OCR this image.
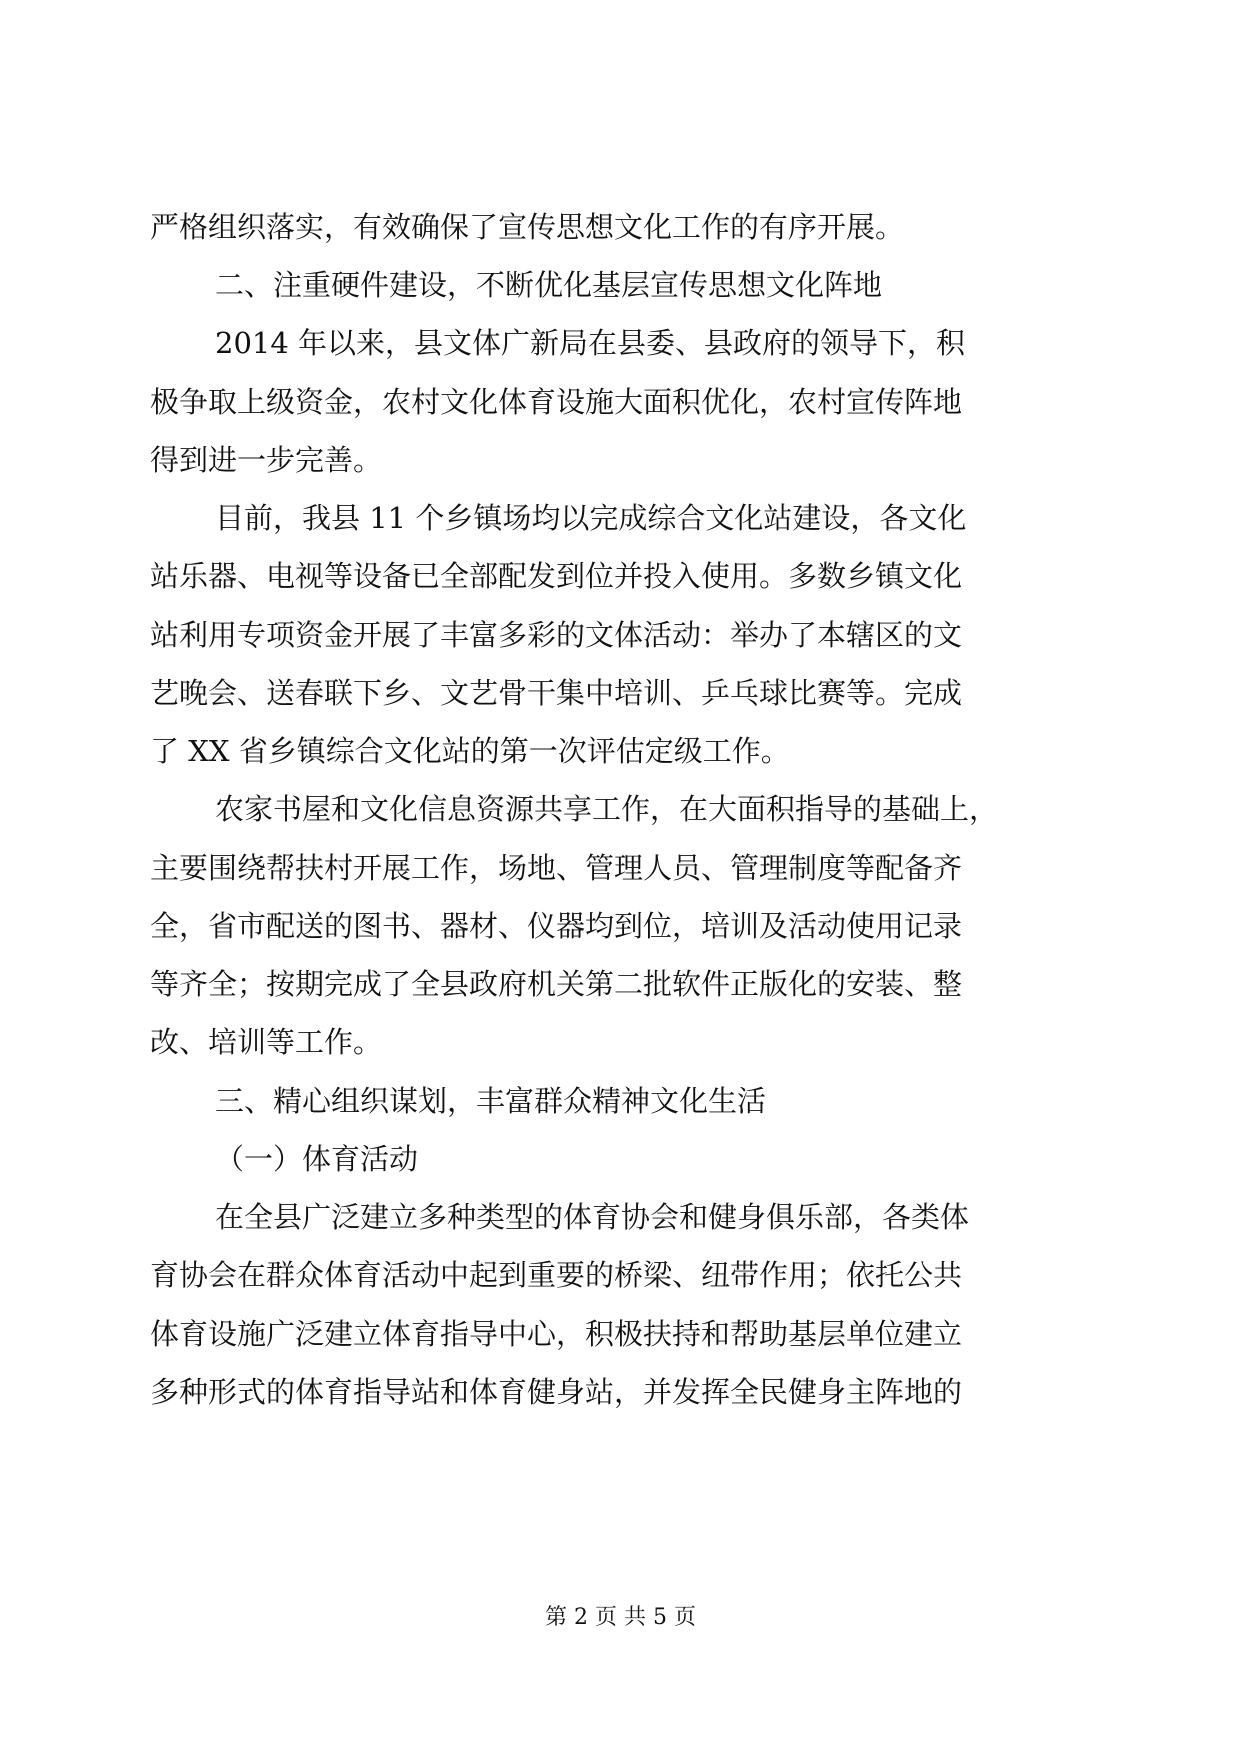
严格组织落实，有效确保了宣传思想文化工作的有序开展。
二、注重硬件建设，不断优化基层宣传思想文化阵地
2014 年以来，县文体广新局在县委、县政府的领导下，积
极争取上级资金，农村文化体育设施大面积优化，农村宣传阵地
得到进一步完善。
目前，我县 11 个乡镇场均以完成综合文化站建设，各文化
站乐器、电视等设备已全部配发到位并投入使用。多数乡镇文化
站利用专项资金开展了丰富多彩的文体活动：举办了本辖区的文
艺晚会、送春联下乡、文艺骨干集中培训、乒乓球比赛等。完成
了 XX 省乡镇综合文化站的第一次评估定级工作。
农家书屋和文化信息资源共享工作，在大面积指导的基础上，
主要围绕帮扶村开展工作，场地、管理人员、管理制度等配备齐
全，省市配送的图书、器材、仪器均到位，培训及活动使用记录
等齐全；按期完成了全县政府机关第二批软件正版化的安装、整
改、培训等工作。
三、精心组织谋划，丰富群众精神文化生活
（一）体育活动
在全县广泛建立多种类型的体育协会和健身俱乐部，各类体
育协会在群众体育活动中起到重要的桥梁、纽带作用；依托公共
体育设施广泛建立体育指导中心，积极扶持和帮助基层单位建立
多种形式的体育指导站和体育健身站，并发挥全民健身主阵地的
第 2 页 共 5 页
